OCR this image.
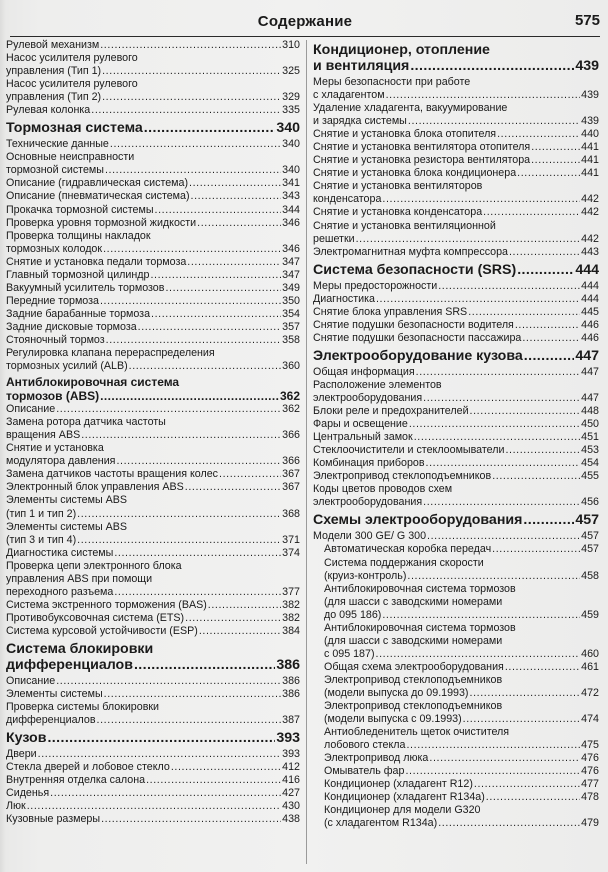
Содержание	575
Рулевой механизм .....	310
Насос усилителя рулевого
управления (Тип 1) .....	325
Насос усилителя рулевого
управления (Тип 2) .....	329
Рулевая колонка .....	335
Тормозная система .....	340
Технические данные .....	340
Основные неисправности
тормозной системы .....	340
Описание (гидравлическая система) .....	341
Описание (пневматическая система) .....	343
Прокачка тормозной системы .....	344
Проверка уровня тормозной жидкости .....	346
Проверка толщины накладок
тормозных колодок .....	346
Снятие и установка педали тормоза .....	347
Главный тормозной цилиндр .....	347
Вакуумный усилитель тормозов .....	349
Передние тормоза .....	350
Задние барабанные тормоза .....	354
Задние дисковые тормоза .....	357
Стояночный тормоз .....	358
Регулировка клапана перераспределения
тормозных усилий (ALB) .....	360
Антиблокировочная система
тормозов (ABS) .....	362
Описание .....	362
Замена ротора датчика частоты
вращения ABS .....	366
Снятие и установка
модулятора давления .....	366
Замена датчиков частоты вращения колес .....	367
Электронный блок управления ABS .....	367
Элементы системы ABS
(тип 1 и тип 2) .....	368
Элементы системы ABS
(тип 3 и тип 4) .....	371
Диагностика системы .....	374
Проверка цепи электронного блока
управления ABS при помощи
переходного разъема .....	377
Система экстренного торможения (BAS) .....	382
Противобуксовочная система (ETS) .....	382
Система курсовой устойчивости (ESP) .....	384
Система блокировки
дифференциалов .....	386
Описание .....	386
Элементы системы .....	386
Проверка системы блокировки
дифференциалов .....	387
Кузов .....	393
Двери .....	393
Стекла дверей и лобовое стекло .....	412
Внутренняя отделка салона .....	416
Сиденья .....	427
Люк .....	430
Кузовные размеры .....	438
Кондиционер, отопление
и вентиляция .....	439
Меры безопасности при работе
с хладагентом .....	439
Удаление хладагента, вакуумирование
и зарядка системы .....	439
Снятие и установка блока отопителя .....	440
Снятие и установка вентилятора отопителя .....	441
Снятие и установка резистора вентилятора .....	441
Снятие и установка блока кондиционера .....	441
Снятие и установка вентиляторов
конденсатора .....	442
Снятие и установка конденсатора .....	442
Снятие и установка вентиляционной
решетки .....	442
Электромагнитная муфта компрессора .....	443
Система безопасности (SRS) .....	444
Меры предосторожности .....	444
Диагностика .....	444
Снятие блока управления SRS .....	445
Снятие подушки безопасности водителя .....	446
Снятие подушки безопасности пассажира .....	446
Электрооборудование кузова .....	447
Общая информация .....	447
Расположение элементов
электрооборудования .....	447
Блоки реле и предохранителей .....	448
Фары и освещение .....	450
Центральный замок .....	451
Стеклоочистители и стеклоомыватели .....	453
Комбинация приборов .....	454
Электропривод стеклоподъемников .....	455
Коды цветов проводов схем
электрооборудования .....	456
Схемы электрооборудования .....	457
Модели 300 GE/ G 300 .....	457
Автоматическая коробка передач .....	457
Система поддержания скорости
(круиз-контроль) .....	458
Антиблокировочная система тормозов
(для шасси с заводскими номерами
до 095 186) .....	459
Антиблокировочная система тормозов
(для шасси с заводскими номерами
с 095 187) .....	460
Общая схема электрооборудования .....	461
Электропривод стеклоподъемников
(модели выпуска до 09.1993) .....	472
Электропривод стеклоподъемников
(модели выпуска с 09.1993) .....	474
Антиобледенитель щеток очистителя
лобового стекла .....	475
Электропривод люка .....	476
Омыватель фар .....	476
Кондиционер (хладагент R12) .....	477
Кондиционер (хладагент R134a) .....	478
Кондиционер для модели G320
(с хладагентом R134a) .....	479
